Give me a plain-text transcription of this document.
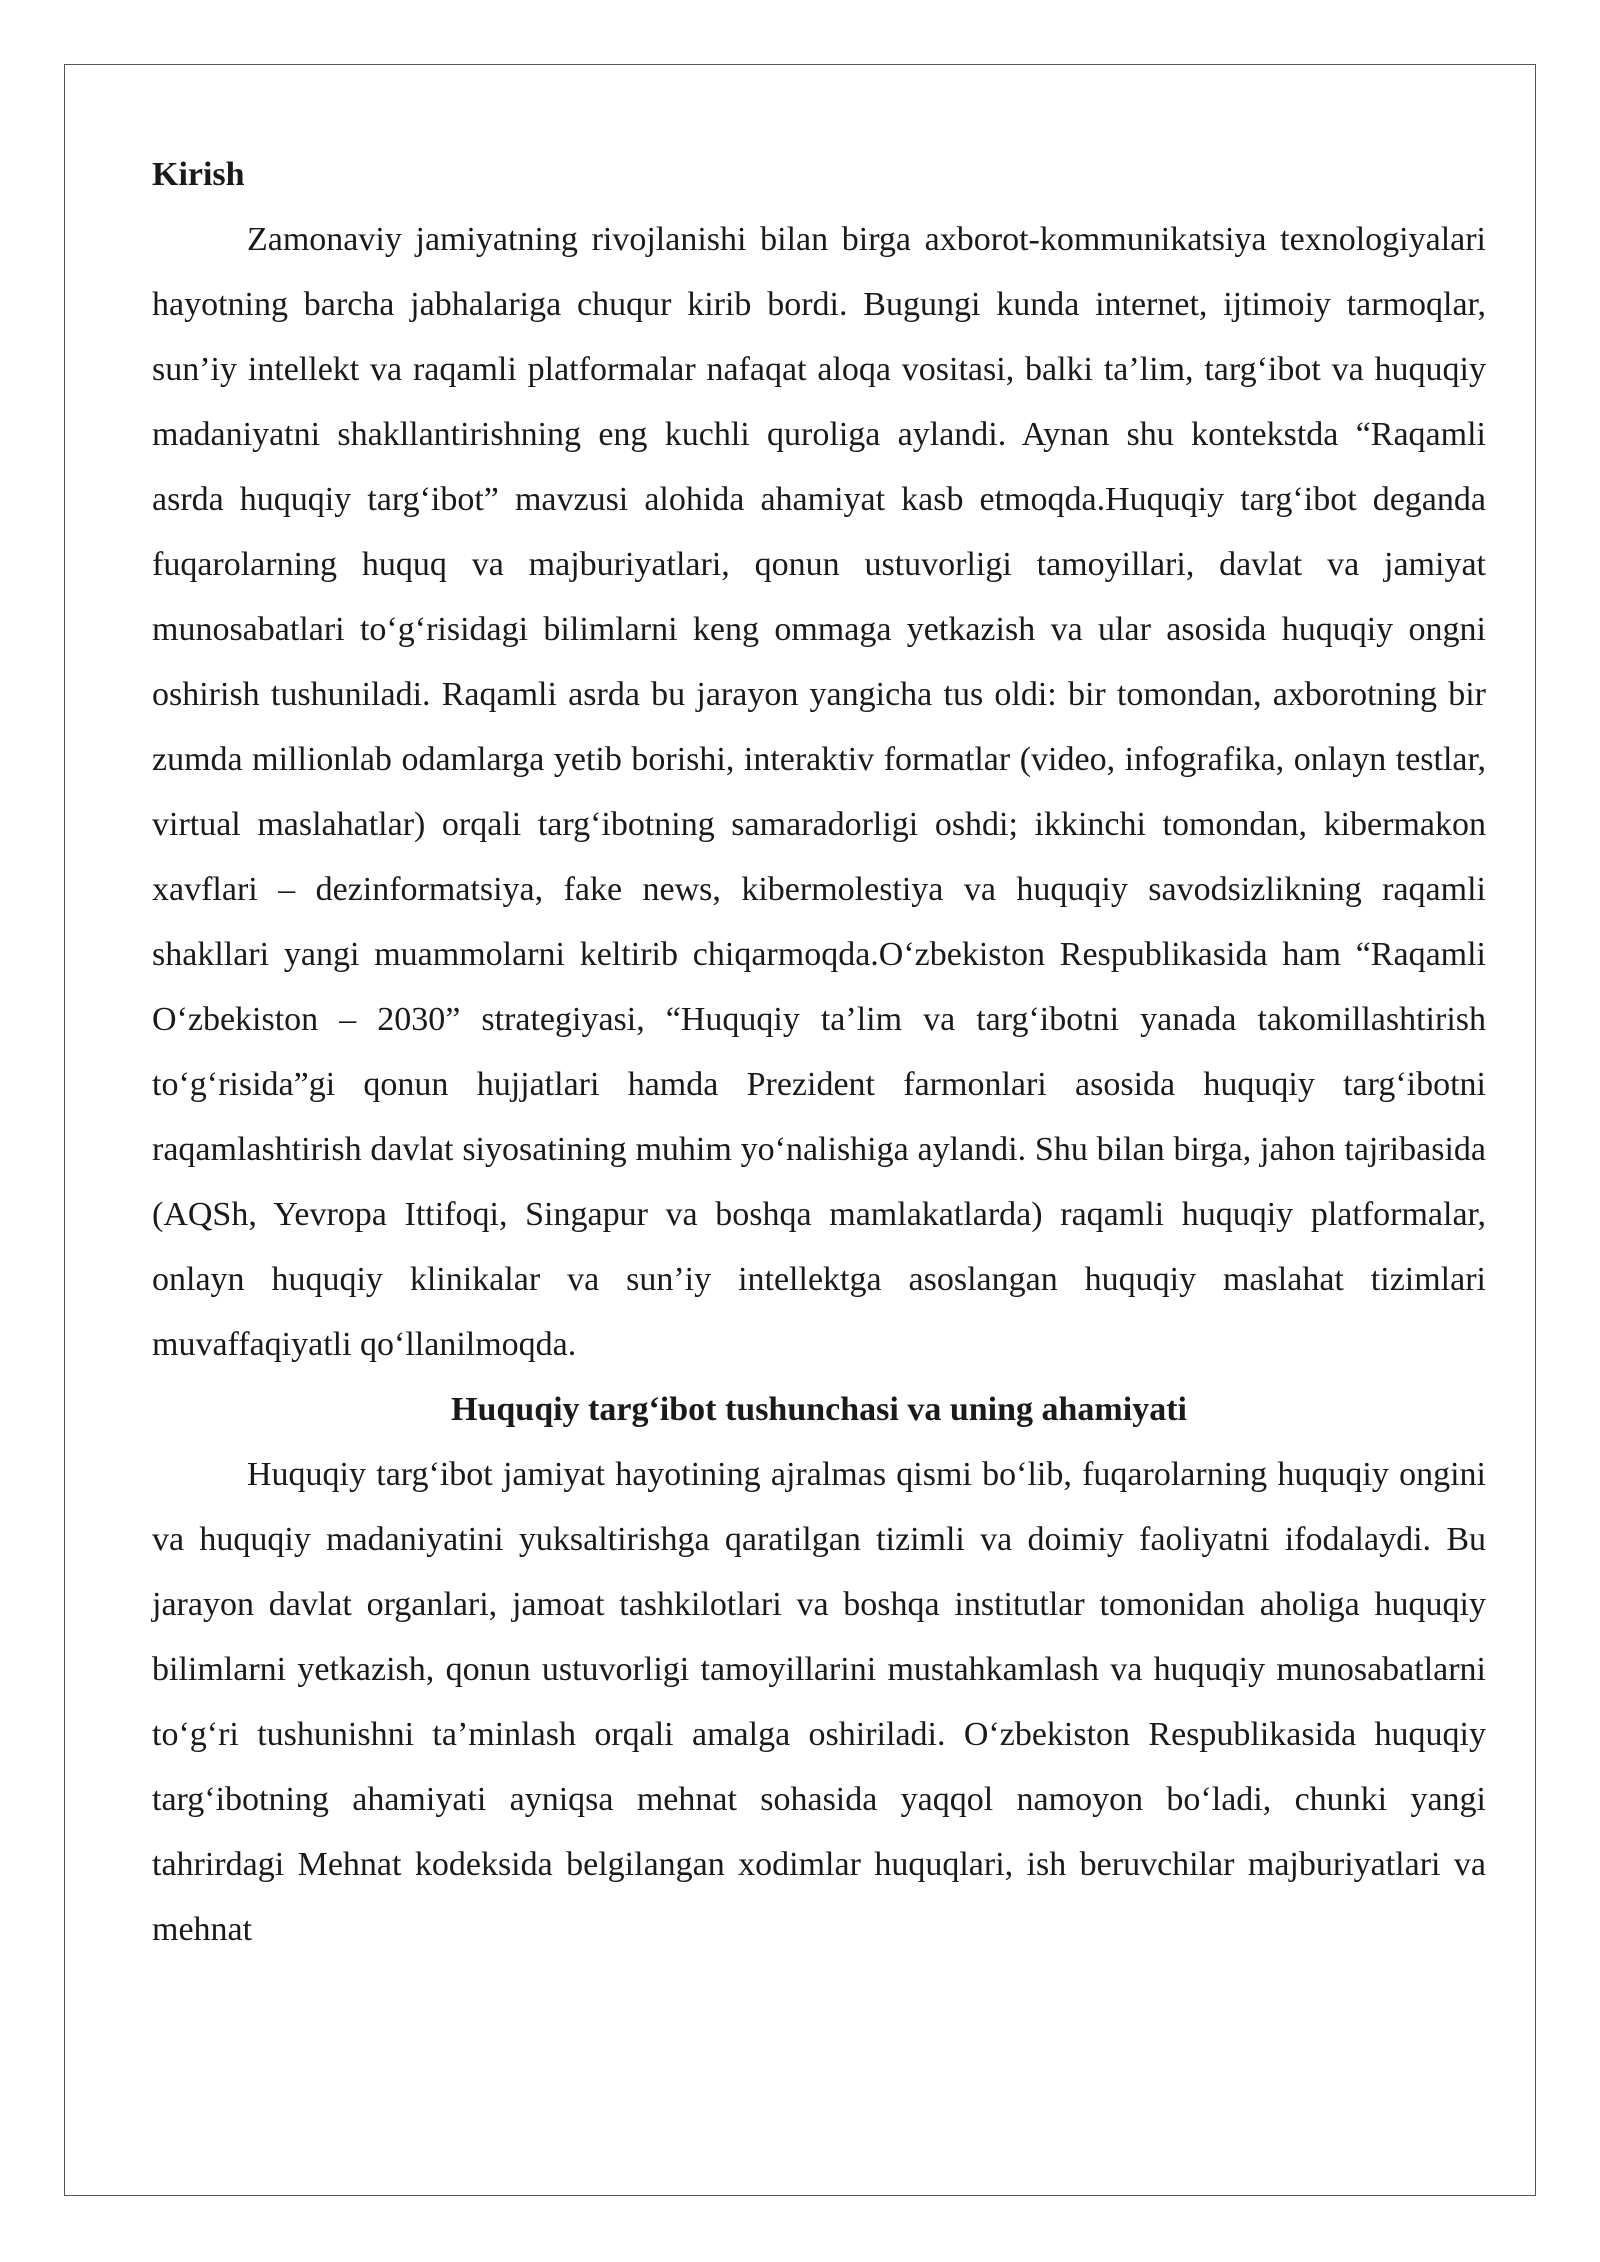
Kirish

Zamonaviy jamiyatning rivojlanishi bilan birga axborot-kommunikatsiya texnologiyalari hayotning barcha jabhalariga chuqur kirib bordi. Bugungi kunda internet, ijtimoiy tarmoqlar, sun’iy intellekt va raqamli platformalar nafaqat aloqa vositasi, balki ta’lim, targ‘ibot va huquqiy madaniyatni shakllantirishning eng kuchli quroliga aylandi. Aynan shu kontekstda “Raqamli asrda huquqiy targ‘ibot” mavzusi alohida ahamiyat kasb etmoqda.Huquqiy targ‘ibot deganda fuqarolarning huquq va majburiyatlari, qonun ustuvorligi tamoyillari, davlat va jamiyat munosabatlari to‘g‘risidagi bilimlarni keng ommaga yetkazish va ular asosida huquqiy ongni oshirish tushuniladi. Raqamli asrda bu jarayon yangicha tus oldi: bir tomondan, axborotning bir zumda millionlab odamlarga yetib borishi, interaktiv formatlar (video, infografika, onlayn testlar, virtual maslahatlar) orqali targ‘ibotning samaradorligi oshdi; ikkinchi tomondan, kibermakon xavflari – dezinformatsiya, fake news, kibermolestiya va huquqiy savodsizlikning raqamli shakllari yangi muammolarni keltirib chiqarmoqda.O‘zbekiston Respublikasida ham “Raqamli O‘zbekiston – 2030” strategiyasi, “Huquqiy ta’lim va targ‘ibotni yanada takomillashtirish to‘g‘risida”gi qonun hujjatlari hamda Prezident farmonlari asosida huquqiy targ‘ibotni raqamlashtirish davlat siyosatining muhim yo‘nalishiga aylandi. Shu bilan birga, jahon tajribasida (AQSh, Yevropa Ittifoqi, Singapur va boshqa mamlakatlarda) raqamli huquqiy platformalar, onlayn huquqiy klinikalar va sun’iy intellektga asoslangan huquqiy maslahat tizimlari muvaffaqiyatli qo‘llanilmoqda.

Huquqiy targ‘ibot tushunchasi va uning ahamiyati

Huquqiy targ‘ibot jamiyat hayotining ajralmas qismi bo‘lib, fuqarolarning huquqiy ongini va huquqiy madaniyatini yuksaltirishga qaratilgan tizimli va doimiy faoliyatni ifodalaydi. Bu jarayon davlat organlari, jamoat tashkilotlari va boshqa institutlar tomonidan aholiga huquqiy bilimlarni yetkazish, qonun ustuvorligi tamoyillarini mustahkamlash va huquqiy munosabatlarni to‘g‘ri tushunishni ta’minlash orqali amalga oshiriladi. O‘zbekiston Respublikasida huquqiy targ‘ibotning ahamiyati ayniqsa mehnat sohasida yaqqol namoyon bo‘ladi, chunki yangi tahrirdagi Mehnat kodeksida belgilangan xodimlar huquqlari, ish beruvchilar majburiyatlari va mehnat
